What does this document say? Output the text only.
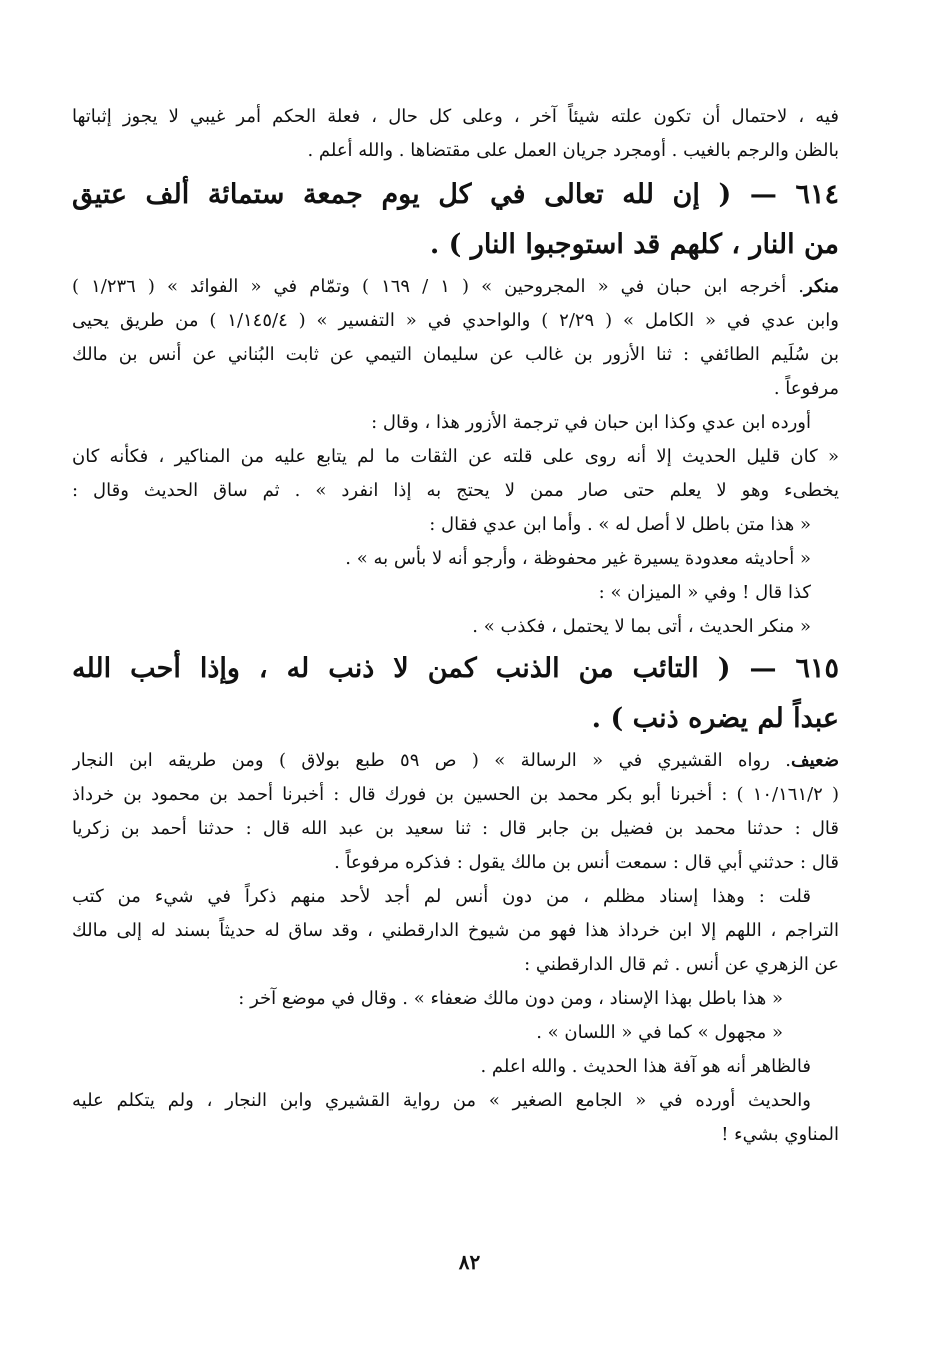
فيه ، لاحتمال أن تكون علته شيئاً آخر ، وعلى كل حال ، فعلة الحكم أمر غيبي لا يجوز إثباتها
بالظن والرجم بالغيب . أومجرد جريان العمل على مقتضاها . والله أعلم .
٦١٤ — ( إن لله تعالى في كل يوم جمعة ستمائة ألف عتيق
من النار ، كلهم قد استوجبوا النار ) .
منكر. أخرجه ابن حبان في « المجروحين » ( ١ / ١٦٩ ) وتمّام في « الفوائد » ( ١/٢٣٦ )
وابن عدي في « الكامل » ( ٢/٢٩ ) والواحدي في « التفسير » ( ١/١٤٥/٤ ) من طريق يحيى
بن سُلَيم الطائفي : ثنا الأزور بن غالب عن سليمان التيمي عن ثابت البُناني عن أنس بن مالك
مرفوعاً .
أورده ابن عدي وكذا ابن حبان في ترجمة الأزور هذا ، وقال :
« كان قليل الحديث إلا أنه روى على قلته عن الثقات ما لم يتابع عليه من المناكير ، فكأنه كان
يخطىء وهو لا يعلم حتى صار ممن لا يحتج به إذا انفرد » . ثم ساق الحديث وقال :
« هذا متن باطل لا أصل له » . وأما ابن عدي فقال :
« أحاديثه معدودة يسيرة غير محفوظة ، وأرجو أنه لا بأس به » .
كذا قال ! وفي « الميزان » :
« منكر الحديث ، أتى بما لا يحتمل ، فكذب » .
٦١٥ — ( التائب من الذنب كمن لا ذنب له ، وإذا أحب الله
عبداً لم يضره ذنب ) .
ضعيف. رواه القشيري في « الرسالة » ( ص ٥٩ طبع بولاق ) ومن طريقه ابن النجار
( ١٠/١٦١/٢ ) : أخبرنا أبو بكر محمد بن الحسين بن فورك قال : أخبرنا أحمد بن محمود بن خرداذ
قال : حدثنا محمد بن فضيل بن جابر قال : ثنا سعيد بن عبد الله قال : حدثنا أحمد بن زكريا
قال : حدثني أبي قال : سمعت أنس بن مالك يقول : فذكره مرفوعاً .
قلت : وهذا إسناد مظلم ، من دون أنس لم أجد لأحد منهم ذكراً في شيء من كتب
التراجم ، اللهم إلا ابن خرداذ هذا فهو من شيوخ الدارقطني ، وقد ساق له حديثاً بسند له إلى مالك
عن الزهري عن أنس . ثم قال الدارقطني :
« هذا باطل بهذا الإسناد ، ومن دون مالك ضعفاء » . وقال في موضع آخر :
« مجهول » كما في « اللسان » .
فالظاهر أنه هو آفة هذا الحديث . والله اعلم .
والحديث أورده في « الجامع الصغير » من رواية القشيري وابن النجار ، ولم يتكلم عليه
المناوي بشيء !
٨٢
